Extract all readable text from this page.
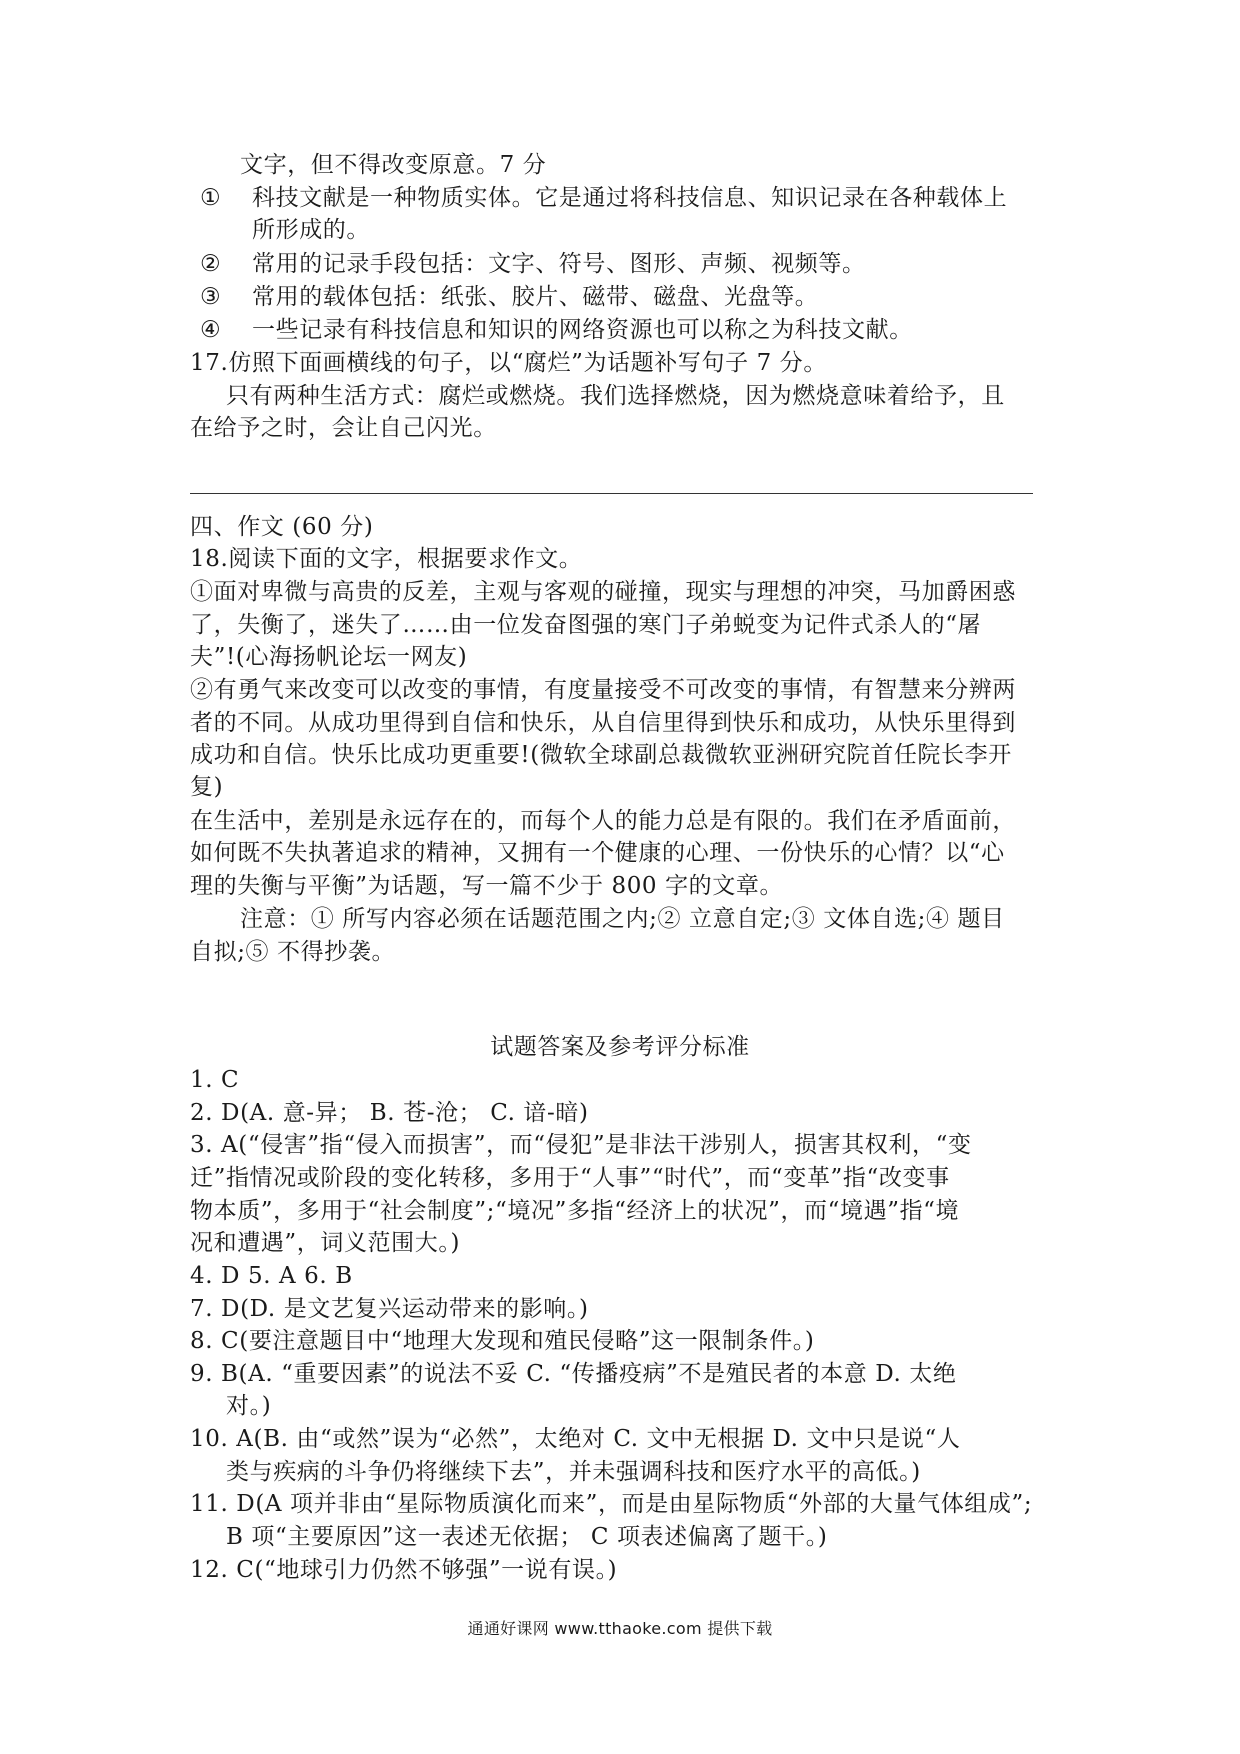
文字，但不得改变原意。7 分
① 科技文献是一种物质实体。它是通过将科技信息、知识记录在各种载体上
所形成的。
② 常用的记录手段包括：文字、符号、图形、声频、视频等。
③ 常用的载体包括：纸张、胶片、磁带、磁盘、光盘等。
④ 一些记录有科技信息和知识的网络资源也可以称之为科技文献。
17.仿照下面画横线的句子，以“腐烂”为话题补写句子 7 分。
只有两种生活方式：腐烂或燃烧。我们选择燃烧，因为燃烧意味着给予，且
在给予之时，会让自己闪光。
四、作文 (60 分)
18.阅读下面的文字，根据要求作文。
①面对卑微与高贵的反差，主观与客观的碰撞，现实与理想的冲突，马加爵困惑
了，失衡了，迷失了……由一位发奋图强的寒门子弟蜕变为记件式杀人的“屠
夫”!(心海扬帆论坛一网友)
②有勇气来改变可以改变的事情，有度量接受不可改变的事情，有智慧来分辨两
者的不同。从成功里得到自信和快乐，从自信里得到快乐和成功，从快乐里得到
成功和自信。快乐比成功更重要!(微软全球副总裁微软亚洲研究院首任院长李开
复)
在生活中，差别是永远存在的，而每个人的能力总是有限的。我们在矛盾面前，
如何既不失执著追求的精神，又拥有一个健康的心理、一份快乐的心情？以“心
理的失衡与平衡”为话题，写一篇不少于 800 字的文章。
注意：① 所写内容必须在话题范围之内;② 立意自定;③ 文体自选;④ 题目
自拟;⑤ 不得抄袭。
试题答案及参考评分标准
1. C
2. D(A. 意-异； B. 苍-沧； C. 谙-暗)
3. A(“侵害”指“侵入而损害”，而“侵犯”是非法干涉别人，损害其权利，“变
迁”指情况或阶段的变化转移，多用于“人事”“时代”，而“变革”指“改变事
物本质”，多用于“社会制度”;“境况”多指“经济上的状况”，而“境遇”指“境
况和遭遇”，词义范围大。)
4. D 5. A 6. B
7. D(D. 是文艺复兴运动带来的影响。)
8. C(要注意题目中“地理大发现和殖民侵略”这一限制条件。)
9. B(A. “重要因素”的说法不妥 C. “传播疫病”不是殖民者的本意 D. 太绝
对。)
10. A(B. 由“或然”误为“必然”，太绝对 C. 文中无根据 D. 文中只是说“人
类与疾病的斗争仍将继续下去”，并未强调科技和医疗水平的高低。)
11. D(A 项并非由“星际物质演化而来”，而是由星际物质“外部的大量气体组成”;
B 项“主要原因”这一表述无依据； C 项表述偏离了题干。)
12. C(“地球引力仍然不够强”一说有误。)
通通好课网 www.tthaoke.com 提供下载
